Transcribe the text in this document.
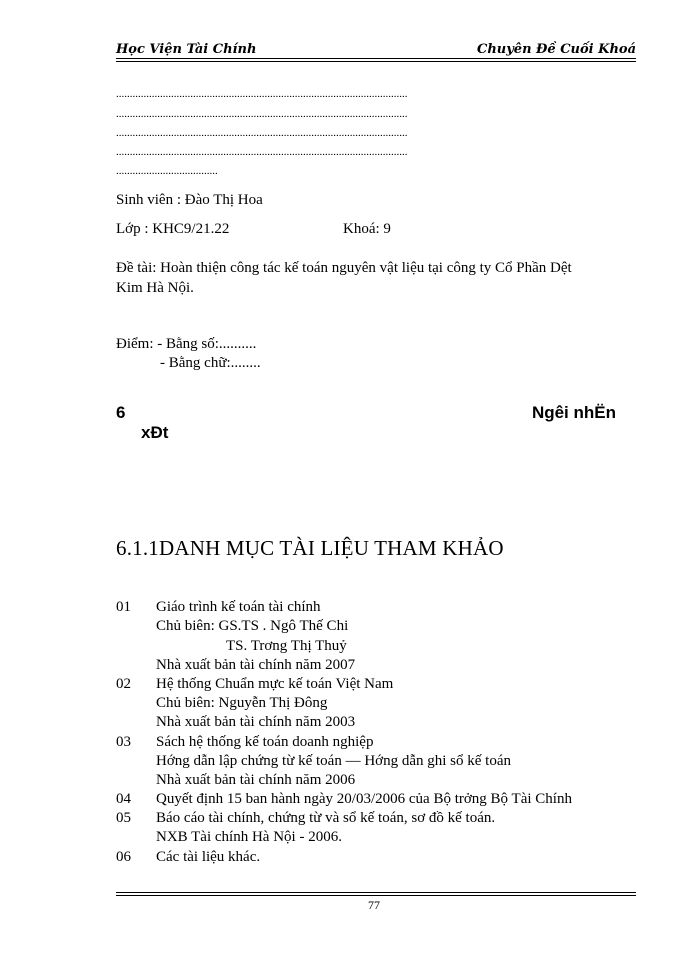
Học Viện Tài Chính	Chuyên Đề Cuối Khoá
..........................................................................................................
..........................................................................................................
..........................................................................................................
..........................................................................................................
.....................................
Sinh viên : Đào Thị Hoa
Lớp : KHC9/21.22	Khoá: 9
Đề tài: Hoàn thiện công tác kế toán nguyên vật liệu tại công ty Cổ Phần Dệt
Kim Hà Nội.
Điểm: - Bằng số:..........
- Bằng chữ:........
6	Ngêi nhËn
xÐt
6.1.1DANH MỤC TÀI LIỆU THAM KHẢO
01 Giáo trình kế toán tài chính
Chủ biên: GS.TS . Ngô Thế Chi
TS. Trơng Thị Thuỷ
Nhà xuất bản tài chính năm 2007
02 Hệ thống Chuẩn mực kế toán Việt Nam
Chủ biên: Nguyễn Thị Đông
Nhà xuất bản tài chính năm 2003
03 Sách hệ thống kế toán doanh nghiệp
Hớng dẫn lập chứng từ kế toán — Hớng dẫn ghi sổ kế toán
Nhà xuất bản tài chính năm 2006
04 Quyết định 15 ban hành ngày 20/03/2006 của Bộ trởng Bộ Tài Chính
05 Báo cáo tài chính, chứng từ và sổ kế toán, sơ đồ kế toán.
NXB Tài chính Hà Nội - 2006.
06 Các tài liệu khác.
77
